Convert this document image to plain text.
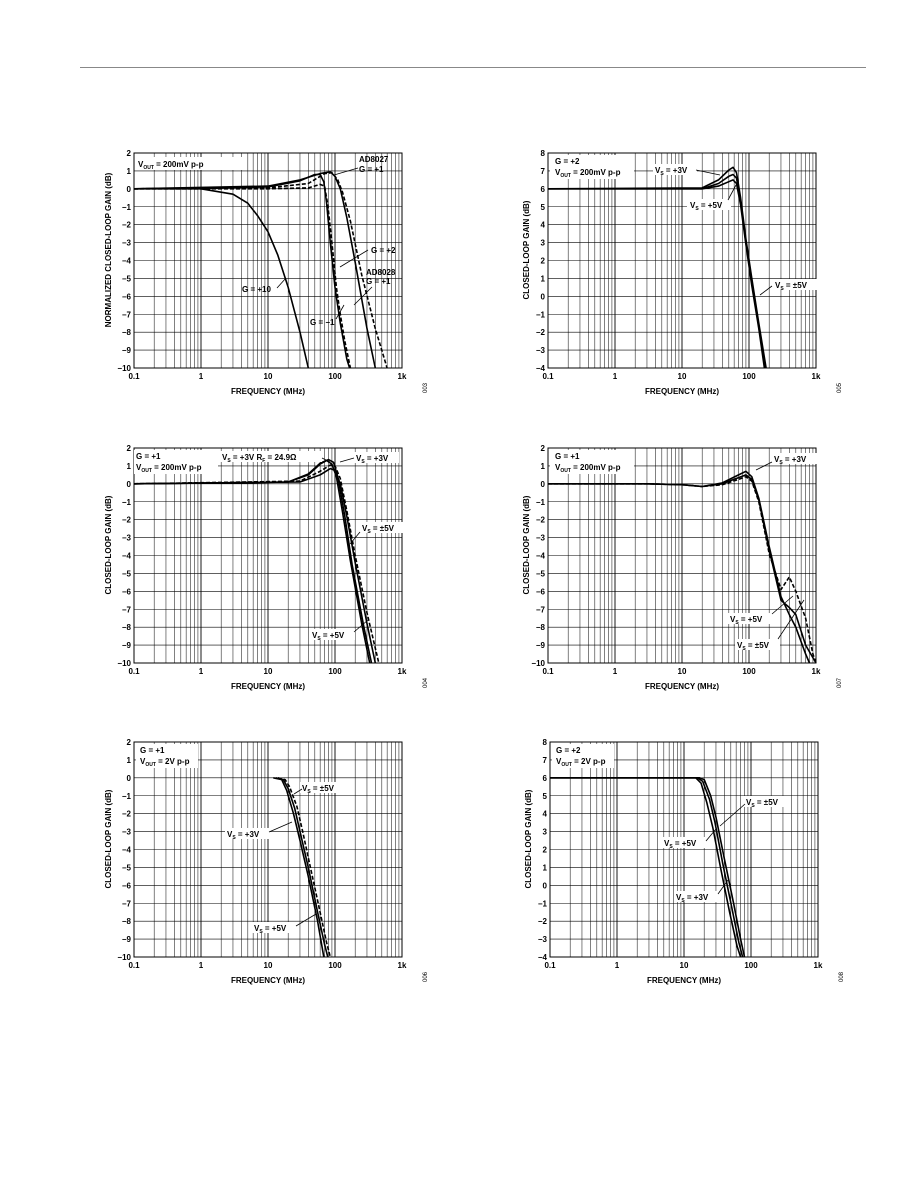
0.1	1	10	100	1k
2
1
0
−1
−2
−3
−4
−5
−6
−7
−8
−9
−10
NORMALIZED CLOSED-LOOP GAIN (dB)
FREQUENCY (MHz)	003
$V_{OUT} = 200mV$ p-p
AD8027
G = +1
G = +2
AD8028
G = +1
G = +10
G = −1
0.1	1	10	100	1k
8
7
6
5
4
3
2
1
0
−1
−2
−3
−4
CLOSED-LOOP GAIN (dB)
FREQUENCY (MHz)	005
G = +2
$V_{OUT} = 200mV$ p-p	$V_S = +3V$
$V_S = +5V$
$V_S = \pm 5V$
0.1	1	10	100	1k
2
1
0
−1
−2
−3
−4
−5
−6
−7
−8
−9
−10
CLOSED-LOOP GAIN (dB)
FREQUENCY (MHz)	004
G = +1
$V_{OUT} = 200mV$ p-p
$V_S = +3V$ $R_F = 24.9\Omega$	$V_S = +3V$
$V_S = \pm 5V$
$V_S = +5V$
0.1	1	10	100	1k
2
1
0
−1
−2
−3
−4
−5
−6
−7
−8
−9
−10
CLOSED-LOOP GAIN (dB)
FREQUENCY (MHz)	007
G = +1
$V_{OUT} = 200mV$ p-p
$V_S = +3V$
$V_S = +5V$
$V_S = \pm 5V$
0.1	1	10	100	1k
2
1
0
−1
−2
−3
−4
−5
−6
−7
−8
−9
−10
CLOSED-LOOP GAIN (dB)
FREQUENCY (MHz)	006
G = +1
$V_{OUT} = 2V$ p-p
$V_S = \pm 5V$
$V_S = +3V$
$V_S = +5V$
0.1	1	10	100	1k
8
7
6
5
4
3
2
1
0
−1
−2
−3
−4
CLOSED-LOOP GAIN (dB)
FREQUENCY (MHz)	008
G = +2
$V_{OUT} = 2V$ p-p
$V_S = \pm 5V$
$V_S = +5V$
$V_S = +3V$
